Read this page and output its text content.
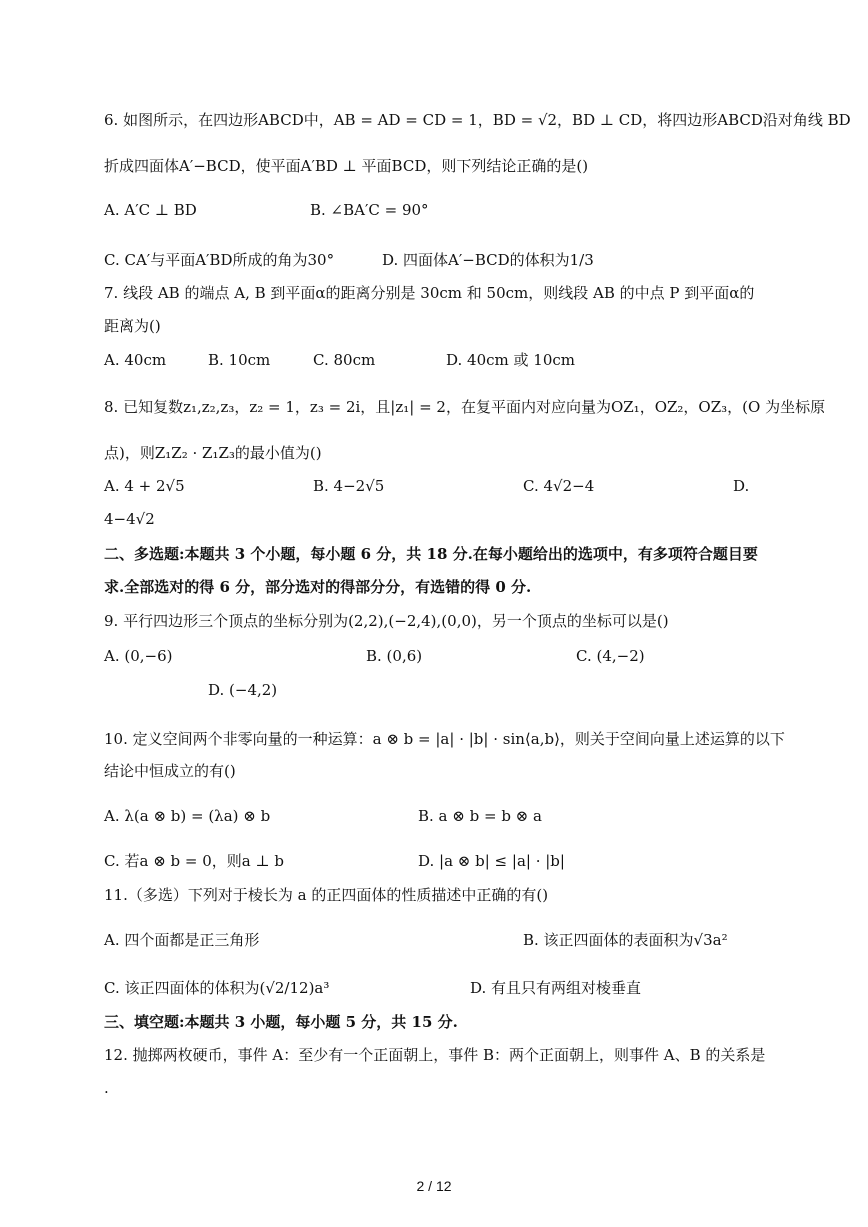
6. 如图所示，在四边形ABCD中，AB = AD = CD = 1，BD = √2，BD ⊥ CD，将四边形ABCD沿对角线 BD
折成四面体A′−BCD，使平面A′BD ⊥ 平面BCD，则下列结论正确的是()
A. A′C ⊥ BD	B. ∠BA′C = 90°
C. CA′与平面A′BD所成的角为30°	D. 四面体A′−BCD的体积为1/3
7. 线段 AB 的端点 A, B 到平面α的距离分别是 30cm 和 50cm，则线段 AB 的中点 P 到平面α的
距离为()
A. 40cm	B. 10cm	C. 80cm	D. 40cm 或 10cm
8. 已知复数z₁,z₂,z₃，z₂ = 1，z₃ = 2i，且|z₁| = 2，在复平面内对应向量为OZ₁，OZ₂，OZ₃，(O 为坐标原
点)，则Z₁Z₂ · Z₁Z₃的最小值为()
A. 4 + 2√5	B. 4−2√5	C. 4√2−4	D.
4−4√2
二、多选题:本题共 3 个小题，每小题 6 分，共 18 分.在每小题给出的选项中，有多项符合题目要
求.全部选对的得 6 分，部分选对的得部分分，有选错的得 0 分.
9. 平行四边形三个顶点的坐标分别为(2,2),(−2,4),(0,0)，另一个顶点的坐标可以是()
A. (0,−6)	B. (0,6)	C. (4,−2)
D. (−4,2)
10. 定义空间两个非零向量的一种运算：a ⊗ b = |a| · |b| · sin⟨a,b⟩，则关于空间向量上述运算的以下
结论中恒成立的有()
A. λ(a ⊗ b) = (λa) ⊗ b	B. a ⊗ b = b ⊗ a
C. 若a ⊗ b = 0，则a ⊥ b	D. |a ⊗ b| ≤ |a| · |b|
11.（多选）下列对于棱长为 a 的正四面体的性质描述中正确的有()
A. 四个面都是正三角形	B. 该正四面体的表面积为√3a²
C. 该正四面体的体积为(√2/12)a³	D. 有且只有两组对棱垂直
三、填空题:本题共 3 小题，每小题 5 分，共 15 分.
12. 抛掷两枚硬币，事件 A：至少有一个正面朝上，事件 B：两个正面朝上，则事件 A、B 的关系是
.
2 / 12
